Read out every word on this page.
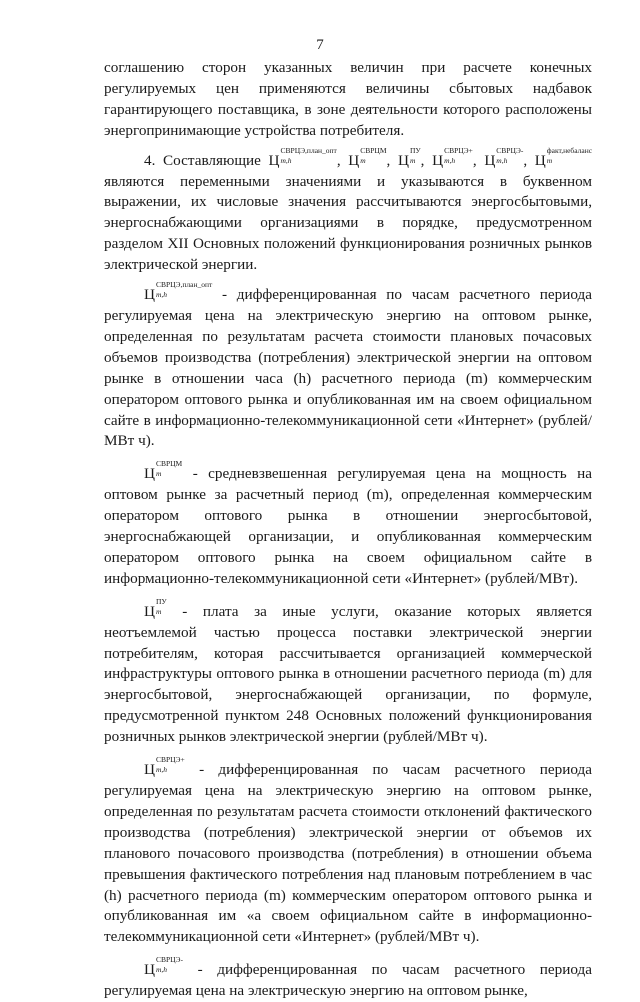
7

соглашению сторон указанных величин при расчете конечных регулируемых цен применяются величины сбытовых надбавок гарантирующего поставщика, в зоне деятельности которого расположены энергопринимающие устройства потребителя.

4. Составляющие Ц
СВРЦЭ,план_опт
m,h	, Ц
СВРЦМ
m	, Ц
ПУ
m , Ц
СВРЦЭ+
m,h	, Ц
СВРЦЭ-
m,h	, Ц
факт,небаланс
m
являются переменными значениями и указываются в буквенном выражении, их числовые значения рассчитываются энергосбытовыми, энергоснабжающими организациями в порядке, предусмотренном разделом XII Основных положений функционирования розничных рынков электрической энергии.

Ц
СВРЦЭ,план_опт
m,h	- дифференцированная по часам расчетного периода регулируемая цена на электрическую энергию на оптовом рынке, определенная по результатам расчета стоимости плановых почасовых объемов производства (потребления) электрической энергии на оптовом рынке в отношении часа (h) расчетного периода (m) коммерческим оператором оптового рынка и опубликованная им на своем официальном сайте в информационно-телекоммуникационной сети «Интернет» (рублей/МВт ч).

Ц
СВРЦМ
m	- средневзвешенная регулируемая цена на мощность на оптовом рынке за расчетный период (m), определенная коммерческим оператором оптового рынка в отношении энергосбытовой, энергоснабжающей организации, и опубликованная коммерческим оператором оптового рынка на своем официальном сайте в информационно-телекоммуникационной сети «Интернет» (рублей/МВт).

Ц
ПУ
m	- плата за иные услуги, оказание которых является неотъемлемой частью процесса поставки электрической энергии потребителям, которая рассчитывается организацией коммерческой инфраструктуры оптового рынка в отношении расчетного периода (m) для энергосбытовой, энергоснабжающей организации, по формуле, предусмотренной пунктом 248 Основных положений функционирования розничных рынков электрической энергии (рублей/МВт ч).

Ц
СВРЦЭ+
m,h	- дифференцированная по часам расчетного периода регулируемая цена на электрическую энергию на оптовом рынке, определенная по результатам расчета стоимости отклонений фактического производства (потребления) электрической энергии от объемов их планового почасового производства (потребления) в отношении объема превышения фактического потребления над плановым потреблением в час (h) расчетного периода (m) коммерческим оператором оптового рынка и опубликованная им «а своем официальном сайте в информационно-телекоммуникационной сети «Интернет» (рублей/МВт ч).

Ц
СВРЦЭ-
m,h	- дифференцированная по часам расчетного периода регулируемая цена на электрическую энергию на оптовом рынке,
